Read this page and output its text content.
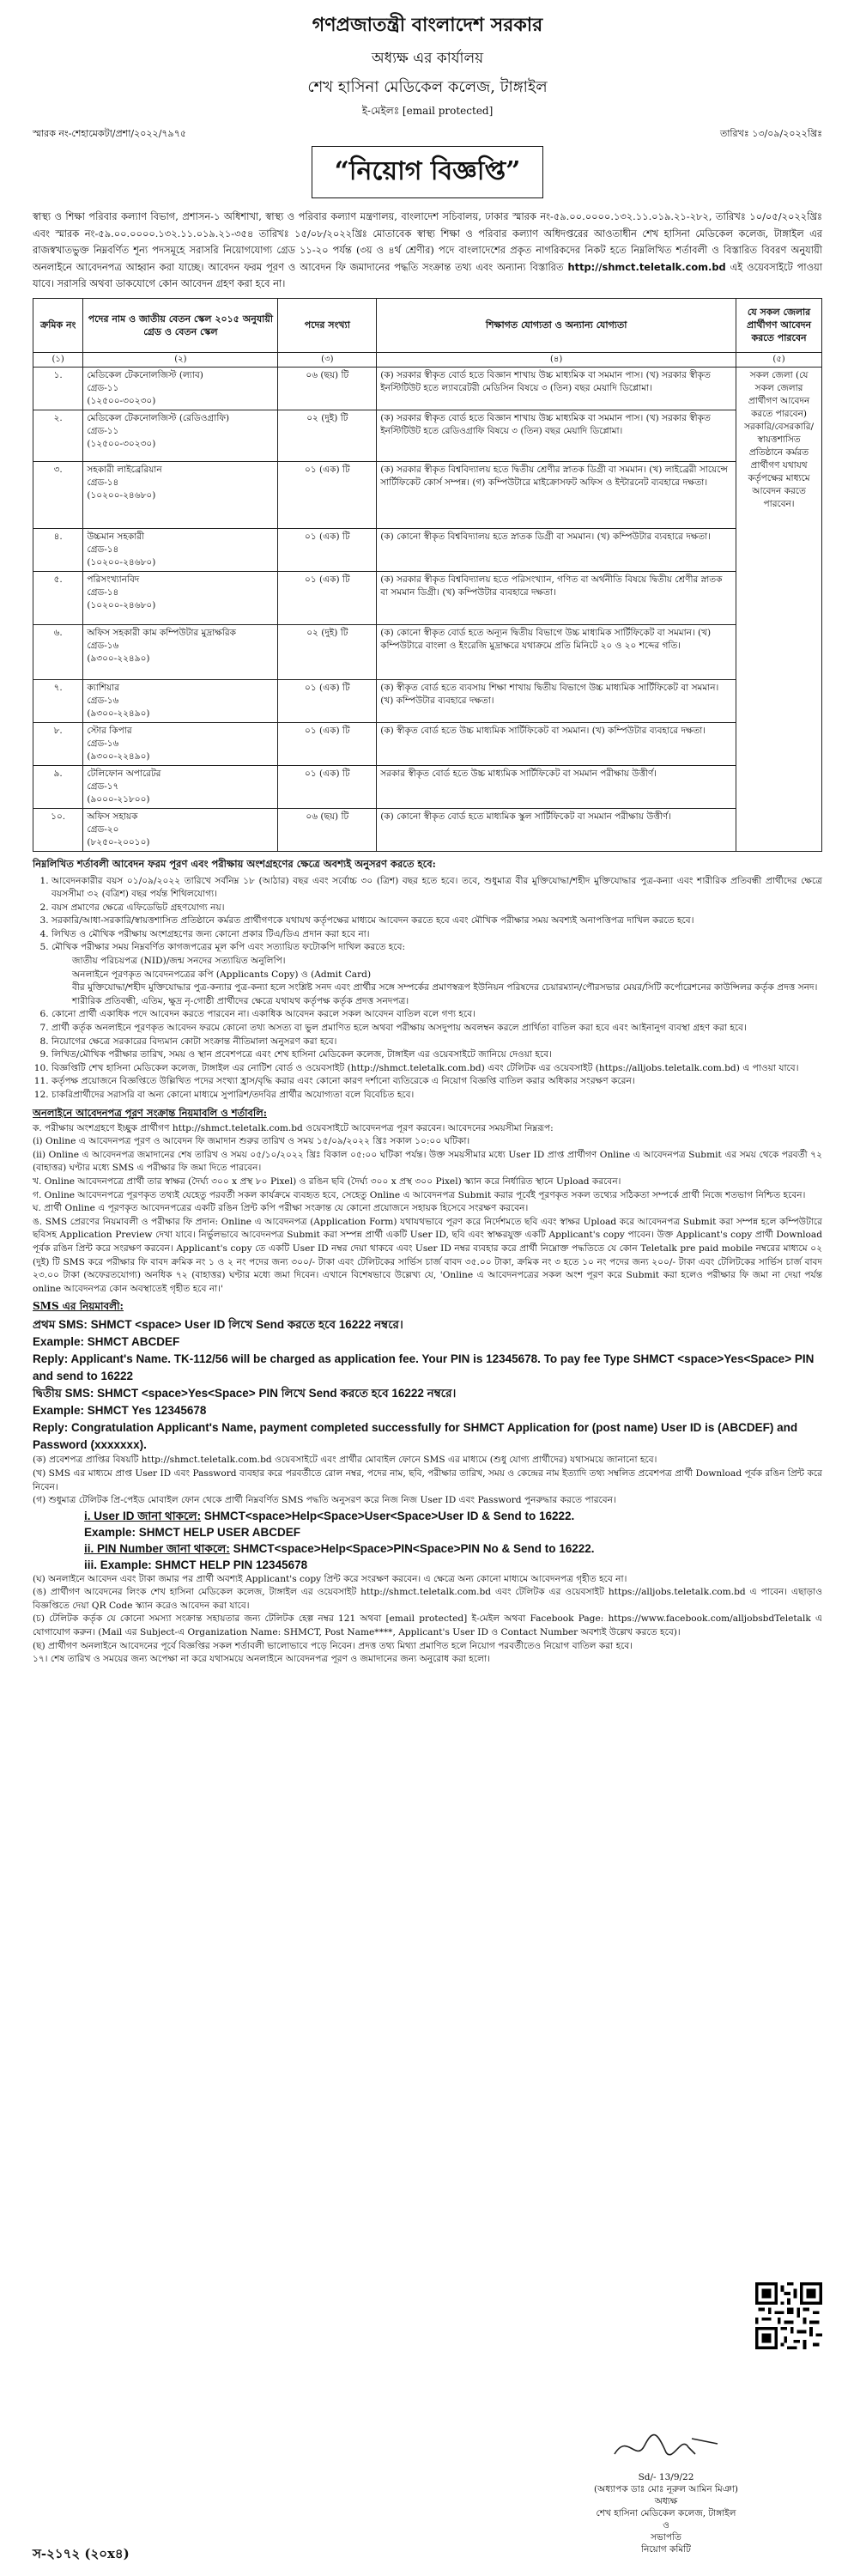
গণপ্রজাতন্ত্রী বাংলাদেশ সরকার
অধ্যক্ষ এর কার্যালয়
শেখ হাসিনা মেডিকেল কলেজ, টাঙ্গাইল
ই-মেইলঃ [email protected]
স্মারক নং-শেহামেকটা/প্রশা/২০২২/৭৯৭৫	তারিখঃ ১৩/০৯/২০২২খ্রিঃ
“নিয়োগ বিজ্ঞপ্তি”
স্বাস্থ্য ও শিক্ষা পরিবার কল্যাণ বিভাগ, প্রশাসন-১ অধিশাখা, স্বাস্থ্য ও পরিবার কল্যাণ মন্ত্রণালয়, বাংলাদেশ সচিবালয়, ঢাকার স্মারক নং-৫৯.০০.০০০০.১৩২.১১.০১৯.২১-২৮২, তারিখঃ ১০/০৫/২০২২খ্রিঃ এবং স্মারক নং-৫৯.০০.০০০০.১৩২.১১.০১৯.২১-৩৫৪ তারিখঃ ১৫/০৮/২০২২খ্রিঃ মোতাবেক স্বাস্থ্য শিক্ষা ও পরিবার কল্যাণ অধিদপ্তরের আওতাধীন শেখ হাসিনা মেডিকেল কলেজ, টাঙ্গাইল এর রাজস্বখাতভুক্ত নিম্নবর্ণিত শূন্য পদসমূহে সরাসরি নিয়োগযোগ্য গ্রেড ১১-২০ পর্যন্ত (৩য় ও ৪র্থ শ্রেণীর) পদে বাংলাদেশের প্রকৃত নাগরিকদের নিকট হতে নিম্নলিখিত শর্তাবলী ও বিস্তারিত বিবরণ অনুযায়ী অনলাইনে আবেদনপত্র আহ্বান করা যাচ্ছে। আবেদন ফরম পূরণ ও আবেদন ফি জমাদানের পদ্ধতি সংক্রান্ত তথ্য এবং অন্যান্য বিস্তারিত http://shmct.teletalk.com.bd এই ওয়েবসাইটে পাওয়া যাবে। সরাসরি অথবা ডাকযোগে কোন আবেদন গ্রহণ করা হবে না।
ক্রমিক নং	পদের নাম ও জাতীয় বেতন স্কেল ২০১৫ অনুযায়ী গ্রেড ও বেতন স্কেল	পদের সংখ্যা	শিক্ষাগত যোগ্যতা ও অন্যান্য যোগ্যতা	যে সকল জেলার প্রার্থীগণ আবেদন করতে পারবেন
(১)	(২)	(৩)	(৪)	(৫)
১.	মেডিকেল টেকনোলজিস্ট (ল্যাব)
গ্রেড-১১
(১২৫০০-৩০২৩০)	০৬ (ছয়) টি	(ক) সরকার স্বীকৃত বোর্ড হতে বিজ্ঞান শাখায় উচ্চ মাধ্যমিক বা সমমান পাস। (খ) সরকার স্বীকৃত ইনস্টিটিউট হতে ল্যাবরেটরী মেডিসিন বিষয়ে ৩ (তিন) বছর মেয়াদি ডিপ্লোমা।	সকল জেলা (যে সকল জেলার প্রার্থীগণ আবেদন করতে পারবেন) সরকারি/বেসরকারি/স্বায়ত্তশাসিত প্রতিষ্ঠানে কর্মরত প্রার্থীগণ যথাযথ কর্তৃপক্ষের মাধ্যমে আবেদন করতে পারবেন।
২.	মেডিকেল টেকনোলজিস্ট (রেডিওগ্রাফি)
গ্রেড-১১
(১২৫০০-৩০২৩০)	০২ (দুই) টি	(ক) সরকার স্বীকৃত বোর্ড হতে বিজ্ঞান শাখায় উচ্চ মাধ্যমিক বা সমমান পাস। (খ) সরকার স্বীকৃত ইনস্টিটিউট হতে রেডিওগ্রাফি বিষয়ে ৩ (তিন) বছর মেয়াদি ডিপ্লোমা।	
৩.	সহকারী লাইব্রেরিয়ান
গ্রেড-১৪
(১০২০০-২৪৬৮০)	০১ (এক) টি	(ক) সরকার স্বীকৃত বিশ্ববিদ্যালয় হতে দ্বিতীয় শ্রেণীর স্নাতক ডিগ্রী বা সমমান। (খ) লাইব্রেরী সায়েন্সে সার্টিফিকেট কোর্স সম্পন্ন। (গ) কম্পিউটারে মাইক্রোসফট অফিস ও ইন্টারনেট ব্যবহারে দক্ষতা।	
৪.	উচ্চমান সহকারী
গ্রেড-১৪
(১০২০০-২৪৬৮০)	০১ (এক) টি	(ক) কোনো স্বীকৃত বিশ্ববিদ্যালয় হতে স্নাতক ডিগ্রী বা সমমান। (খ) কম্পিউটার ব্যবহারে দক্ষতা।	
৫.	পরিসংখ্যানবিদ
গ্রেড-১৪
(১০২০০-২৪৬৮০)	০১ (এক) টি	(ক) সরকার স্বীকৃত বিশ্ববিদ্যালয় হতে পরিসংখ্যান, গণিত বা অর্থনীতি বিষয়ে দ্বিতীয় শ্রেণীর স্নাতক বা সমমান ডিগ্রী। (খ) কম্পিউটার ব্যবহারে দক্ষতা।	
৬.	অফিস সহকারী কাম কম্পিউটার মুদ্রাক্ষরিক
গ্রেড-১৬
(৯৩০০-২২৪৯০)	০২ (দুই) টি	(ক) কোনো স্বীকৃত বোর্ড হতে অন্যূন দ্বিতীয় বিভাগে উচ্চ মাধ্যমিক সার্টিফিকেট বা সমমান। (খ) কম্পিউটারে বাংলা ও ইংরেজি মুদ্রাক্ষরে যথাক্রমে প্রতি মিনিটে ২০ ও ২০ শব্দের গতি।	
৭.	ক্যাশিয়ার
গ্রেড-১৬
(৯৩০০-২২৪৯০)	০১ (এক) টি	(ক) স্বীকৃত বোর্ড হতে ব্যবসায় শিক্ষা শাখায় দ্বিতীয় বিভাগে উচ্চ মাধ্যমিক সার্টিফিকেট বা সমমান। (খ) কম্পিউটার ব্যবহারে দক্ষতা।	
৮.	স্টোর কিপার
গ্রেড-১৬
(৯৩০০-২২৪৯০)	০১ (এক) টি	(ক) স্বীকৃত বোর্ড হতে উচ্চ মাধ্যমিক সার্টিফিকেট বা সমমান। (খ) কম্পিউটার ব্যবহারে দক্ষতা।	
৯.	টেলিফোন অপারেটর
গ্রেড-১৭
(৯০০০-২১৮০০)	০১ (এক) টি	সরকার স্বীকৃত বোর্ড হতে উচ্চ মাধ্যমিক সার্টিফিকেট বা সমমান পরীক্ষায় উত্তীর্ণ।	
১০.	অফিস সহায়ক
গ্রেড-২০
(৮২৫০-২০০১০)	০৬ (ছয়) টি	(ক) কোনো স্বীকৃত বোর্ড হতে মাধ্যমিক স্কুল সার্টিফিকেট বা সমমান পরীক্ষায় উত্তীর্ণ।	
নিম্নলিখিত শর্তাবলী আবেদন ফরম পূরণ এবং পরীক্ষায় অংশগ্রহণের ক্ষেত্রে অবশ্যই অনুসরণ করতে হবে:
1. আবেদনকারীর বয়স ০১/০৯/২০২২ তারিখে সর্বনিম্ন ১৮ (আঠার) বছর এবং সর্বোচ্চ ৩০ (ত্রিশ) বছর হতে হবে। তবে, শুধুমাত্র বীর মুক্তিযোদ্ধা/শহীদ মুক্তিযোদ্ধার পুত্র-কন্যা এবং শারীরিক প্রতিবন্ধী প্রার্থীদের ক্ষেত্রে বয়সসীমা ৩২ (বত্রিশ) বছর পর্যন্ত শিথিলযোগ্য।
2. বয়স প্রমাণের ক্ষেত্রে এফিডেভিট গ্রহণযোগ্য নয়।
3. সরকারি/আধা-সরকারি/স্বায়ত্তশাসিত প্রতিষ্ঠানে কর্মরত প্রার্থীগণকে যথাযথ কর্তৃপক্ষের মাধ্যমে আবেদন করতে হবে এবং মৌখিক পরীক্ষার সময় অবশ্যই অনাপত্তিপত্র দাখিল করতে হবে।
4. লিখিত ও মৌখিক পরীক্ষায় অংশগ্রহণের জন্য কোনো প্রকার টিএ/ডিএ প্রদান করা হবে না।
5. মৌখিক পরীক্ষার সময় নিম্নবর্ণিত কাগজপত্রের মূল কপি এবং সত্যায়িত ফটোকপি দাখিল করতে হবে:
জাতীয় পরিচয়পত্র (NID)/জন্ম সনদের সত্যায়িত অনুলিপি।
অনলাইনে পূরণকৃত আবেদনপত্রের কপি (Applicants Copy) ও (Admit Card)
বীর মুক্তিযোদ্ধা/শহীদ মুক্তিযোদ্ধার পুত্র-কন্যার পুত্র-কন্যা হলে সংশ্লিষ্ট সনদ এবং প্রার্থীর সঙ্গে সম্পর্কের প্রমাণস্বরূপ ইউনিয়ন পরিষদের চেয়ারম্যান/পৌরসভার মেয়র/সিটি কর্পোরেশনের কাউন্সিলর কর্তৃক প্রদত্ত সনদ।
শারীরিক প্রতিবন্ধী, এতিম, ক্ষুদ্র নৃ-গোষ্ঠী প্রার্থীদের ক্ষেত্রে যথাযথ কর্তৃপক্ষ কর্তৃক প্রদত্ত সনদপত্র।
6. কোনো প্রার্থী একাধিক পদে আবেদন করতে পারবেন না। একাধিক আবেদন করলে সকল আবেদন বাতিল বলে গণ্য হবে।
7. প্রার্থী কর্তৃক অনলাইনে পূরণকৃত আবেদন ফরমে কোনো তথ্য অসত্য বা ভুল প্রমাণিত হলে অথবা পরীক্ষায় অসদুপায় অবলম্বন করলে প্রার্থিতা বাতিল করা হবে এবং আইনানুগ ব্যবস্থা গ্রহণ করা হবে।
8. নিয়োগের ক্ষেত্রে সরকারের বিদ্যমান কোটা সংক্রান্ত নীতিমালা অনুসরণ করা হবে।
9. লিখিত/মৌখিক পরীক্ষার তারিখ, সময় ও স্থান প্রবেশপত্রে এবং শেখ হাসিনা মেডিকেল কলেজ, টাঙ্গাইল এর ওয়েবসাইটে জানিয়ে দেওয়া হবে।
10. বিজ্ঞপ্তিটি শেখ হাসিনা মেডিকেল কলেজ, টাঙ্গাইল এর নোটিশ বোর্ড ও ওয়েবসাইট (http://shmct.teletalk.com.bd) এবং টেলিটক এর ওয়েবসাইট (https://alljobs.teletalk.com.bd) এ পাওয়া যাবে।
11. কর্তৃপক্ষ প্রয়োজনে বিজ্ঞপ্তিতে উল্লিখিত পদের সংখ্যা হ্রাস/বৃদ্ধি করার এবং কোনো কারণ দর্শানো ব্যতিরেকে এ নিয়োগ বিজ্ঞপ্তি বাতিল করার অধিকার সংরক্ষণ করেন।
12. চাকরিপ্রার্থীদের সরাসরি বা অন্য কোনো মাধ্যমে সুপারিশ/তদবির প্রার্থীর অযোগ্যতা বলে বিবেচিত হবে।
অনলাইনে আবেদনপত্র পূরণ সংক্রান্ত নিয়মাবলি ও শর্তাবলি:
ক. পরীক্ষায় অংশগ্রহণে ইচ্ছুক প্রার্থীগণ http://shmct.teletalk.com.bd ওয়েবসাইটে আবেদনপত্র পূরণ করবেন। আবেদনের সময়সীমা নিম্নরূপ:
(i) Online এ আবেদনপত্র পূরণ ও আবেদন ফি জমাদান শুরুর তারিখ ও সময় ১৫/০৯/২০২২ খ্রিঃ সকাল ১০:০০ ঘটিকা।
(ii) Online এ আবেদনপত্র জমাদানের শেষ তারিখ ও সময় ০৫/১০/২০২২ খ্রিঃ বিকাল ০৫:০০ ঘটিকা পর্যন্ত। উক্ত সময়সীমার মধ্যে User ID প্রাপ্ত প্রার্থীগণ Online এ আবেদনপত্র Submit এর সময় থেকে পরবর্তী ৭২ (বাহাত্তর) ঘণ্টার মধ্যে SMS এ পরীক্ষার ফি জমা দিতে পারবেন।
খ. Online আবেদনপত্রে প্রার্থী তার স্বাক্ষর (দৈর্ঘ্য ৩০০ x প্রস্থ ৮০ Pixel) ও রঙিন ছবি (দৈর্ঘ্য ৩০০ x প্রস্থ ৩০০ Pixel) স্ক্যান করে নির্ধারিত স্থানে Upload করবেন।
গ. Online আবেদনপত্রে পূরণকৃত তথ্যই যেহেতু পরবর্তী সকল কার্যক্রমে ব্যবহৃত হবে, সেহেতু Online এ আবেদনপত্র Submit করার পূর্বেই পূরণকৃত সকল তথ্যের সঠিকতা সম্পর্কে প্রার্থী নিজে শতভাগ নিশ্চিত হবেন।
ঘ. প্রার্থী Online এ পূরণকৃত আবেদনপত্রের একটি রঙিন প্রিন্ট কপি পরীক্ষা সংক্রান্ত যে কোনো প্রয়োজনে সহায়ক হিসেবে সংরক্ষণ করবেন।
ঙ. SMS প্রেরণের নিয়মাবলী ও পরীক্ষার ফি প্রদান: Online এ আবেদনপত্র (Application Form) যথাযথভাবে পূরণ করে নির্দেশমতে ছবি এবং স্বাক্ষর Upload করে আবেদনপত্র Submit করা সম্পন্ন হলে কম্পিউটারে ছবিসহ Application Preview দেখা যাবে। নির্ভুলভাবে আবেদনপত্র Submit করা সম্পন্ন প্রার্থী একটি User ID, ছবি এবং স্বাক্ষরযুক্ত একটি Applicant's copy পাবেন। উক্ত Applicant's copy প্রার্থী Download পূর্বক রঙিন প্রিন্ট করে সংরক্ষণ করবেন। Applicant's copy তে একটি User ID নম্বর দেয়া থাকবে এবং User ID নম্বর ব্যবহার করে প্রার্থী নিম্নোক্ত পদ্ধতিতে যে কোন Teletalk pre paid mobile নম্বরের মাধ্যমে ০২ (দুই) টি SMS করে পরীক্ষার ফি বাবদ ক্রমিক নং ১ ও ২ নং পদের জন্য ৩০০/- টাকা এবং টেলিটকের সার্ভিস চার্জ বাবদ ৩৫.০০ টাকা, ক্রমিক নং ৩ হতে ১০ নং পদের জন্য ২০০/- টাকা এবং টেলিটকের সার্ভিস চার্জ বাবদ ২৩.০০ টাকা (অফেরতযোগ্য) অনধিক ৭২ (বাহাত্তর) ঘণ্টার মধ্যে জমা দিবেন। এখানে বিশেষভাবে উল্লেখ্য যে, 'Online এ আবেদনপত্রের সকল অংশ পূরণ করে Submit করা হলেও পরীক্ষার ফি জমা না দেয়া পর্যন্ত online আবেদনপত্র কোন অবস্থাতেই গৃহীত হবে না।'
SMS এর নিয়মাবলী:
প্রথম SMS: SHMCT <space> User ID লিখে Send করতে হবে 16222 নম্বরে।
Example: SHMCT ABCDEF
Reply: Applicant's Name. TK-112/56 will be charged as application fee. Your PIN is 12345678. To pay fee Type SHMCT <space>Yes<Space> PIN and send to 16222
দ্বিতীয় SMS: SHMCT <space>Yes<Space> PIN লিখে Send করতে হবে 16222 নম্বরে।
Example: SHMCT Yes 12345678
Reply: Congratulation Applicant's Name, payment completed successfully for SHMCT Application for (post name) User ID is (ABCDEF) and Password (xxxxxxx).
(ক) প্রবেশপত্র প্রাপ্তির বিষয়টি http://shmct.teletalk.com.bd ওয়েবসাইটে এবং প্রার্থীর মোবাইল ফোনে SMS এর মাধ্যমে (শুধু যোগ্য প্রার্থীদের) যথাসময়ে জানানো হবে।
(খ) SMS এর মাধ্যমে প্রাপ্ত User ID এবং Password ব্যবহার করে পরবর্তীতে রোল নম্বর, পদের নাম, ছবি, পরীক্ষার তারিখ, সময় ও কেন্দ্রের নাম ইত্যাদি তথ্য সম্বলিত প্রবেশপত্র প্রার্থী Download পূর্বক রঙিন প্রিন্ট করে নিবেন।
(গ) শুধুমাত্র টেলিটক প্রি-পেইড মোবাইল ফোন থেকে প্রার্থী নিম্নবর্ণিত SMS পদ্ধতি অনুসরণ করে নিজ নিজ User ID এবং Password পুনরুদ্ধার করতে পারবেন।
i. User ID জানা থাকলে: SHMCT<space>Help<Space>User<Space>User ID & Send to 16222.
Example: SHMCT HELP USER ABCDEF
ii. PIN Number জানা থাকলে: SHMCT<space>Help<Space>PIN<Space>PIN No & Send to 16222.
iii. Example: SHMCT HELP PIN 12345678
(ঘ) অনলাইনে আবেদন এবং টাকা জমার পর প্রার্থী অবশ্যই Applicant's copy প্রিন্ট করে সংরক্ষণ করবেন। এ ক্ষেত্রে অন্য কোনো মাধ্যমে আবেদনপত্র গৃহীত হবে না।
(ঙ) প্রার্থীগণ আবেদনের লিংক শেখ হাসিনা মেডিকেল কলেজ, টাঙ্গাইল এর ওয়েবসাইট http://shmct.teletalk.com.bd এবং টেলিটক এর ওয়েবসাইট https://alljobs.teletalk.com.bd এ পাবেন। এছাড়াও বিজ্ঞপ্তিতে দেয়া QR Code স্ক্যান করেও আবেদন করা যাবে।
(চ) টেলিটক কর্তৃক যে কোনো সমস্যা সংক্রান্ত সহায়তার জন্য টেলিটক হেল্প নম্বর 121 অথবা [email protected] ই-মেইল অথবা Facebook Page: https://www.facebook.com/alljobsbdTeletalk এ যোগাযোগ করুন। (Mail এর Subject-এ Organization Name: SHMCT, Post Name****, Applicant's User ID ও Contact Number অবশ্যই উল্লেখ করতে হবে)।
(ছ) প্রার্থীগণ অনলাইনে আবেদনের পূর্বে বিজ্ঞপ্তির সকল শর্তাবলী ভালোভাবে পড়ে নিবেন। প্রদত্ত তথ্য মিথ্যা প্রমাণিত হলে নিয়োগ পরবর্তীতেও নিয়োগ বাতিল করা হবে।
১৭। শেষ তারিখ ও সময়ের জন্য অপেক্ষা না করে যথাসময়ে অনলাইনে আবেদনপত্র পূরণ ও জমাদানের জন্য অনুরোধ করা হলো।
Sd/- 13/9/22
(অধ্যাপক ডাঃ মোঃ নূরুল আমিন মিঞা)
অধ্যক্ষ
শেখ হাসিনা মেডিকেল কলেজ, টাঙ্গাইল
ও
সভাপতি
নিয়োগ কমিটি
স-২১৭২ (২০x৪)
